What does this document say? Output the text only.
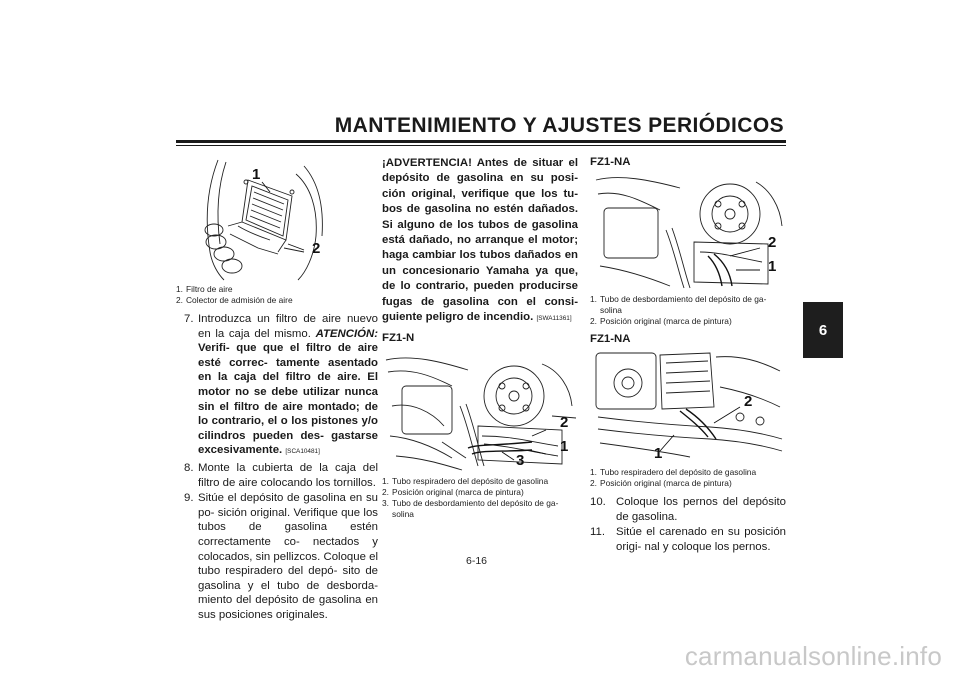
MANTENIMIENTO Y AJUSTES PERIÓDICOS
6
1
2
1. Filtro de aire
2. Colector de admisión de aire
7. Introduzca un filtro de aire nuevo en la caja del mismo. ATENCIÓN: Verifi- que que el filtro de aire esté correc- tamente asentado en la caja del filtro de aire. El motor no se debe utilizar nunca sin el filtro de aire montado; de lo contrario, el o los pistones y/o cilindros pueden des- gastarse excesivamente. [SCA10481]
8. Monte la cubierta de la caja del filtro de aire colocando los tornillos.
9. Sitúe el depósito de gasolina en su po- sición original. Verifique que los tubos de gasolina estén correctamente co- nectados y colocados, sin pellizcos. Coloque el tubo respiradero del depó- sito de gasolina y el tubo de desborda- miento del depósito de gasolina en sus posiciones originales.
¡ADVERTENCIA! Antes de situar el depósito de gasolina en su posi- ción original, verifique que los tu- bos de gasolina no estén dañados. Si alguno de los tubos de gasolina está dañado, no arranque el motor; haga cambiar los tubos dañados en un concesionario Yamaha ya que, de lo contrario, pueden producirse fugas de gasolina con el consi- guiente peligro de incendio. [SWA11361]
FZ1-N
2
1
3
1. Tubo respiradero del depósito de gasolina
2. Posición original (marca de pintura)
3. Tubo de desbordamiento del depósito de ga- solina
FZ1-NA
2
1
1. Tubo de desbordamiento del depósito de ga- solina
2. Posición original (marca de pintura)
FZ1-NA
2
1
1. Tubo respiradero del depósito de gasolina
2. Posición original (marca de pintura)
10. Coloque los pernos del depósito de gasolina.
11. Sitúe el carenado en su posición origi- nal y coloque los pernos.
6-16
carmanualsonline.info
